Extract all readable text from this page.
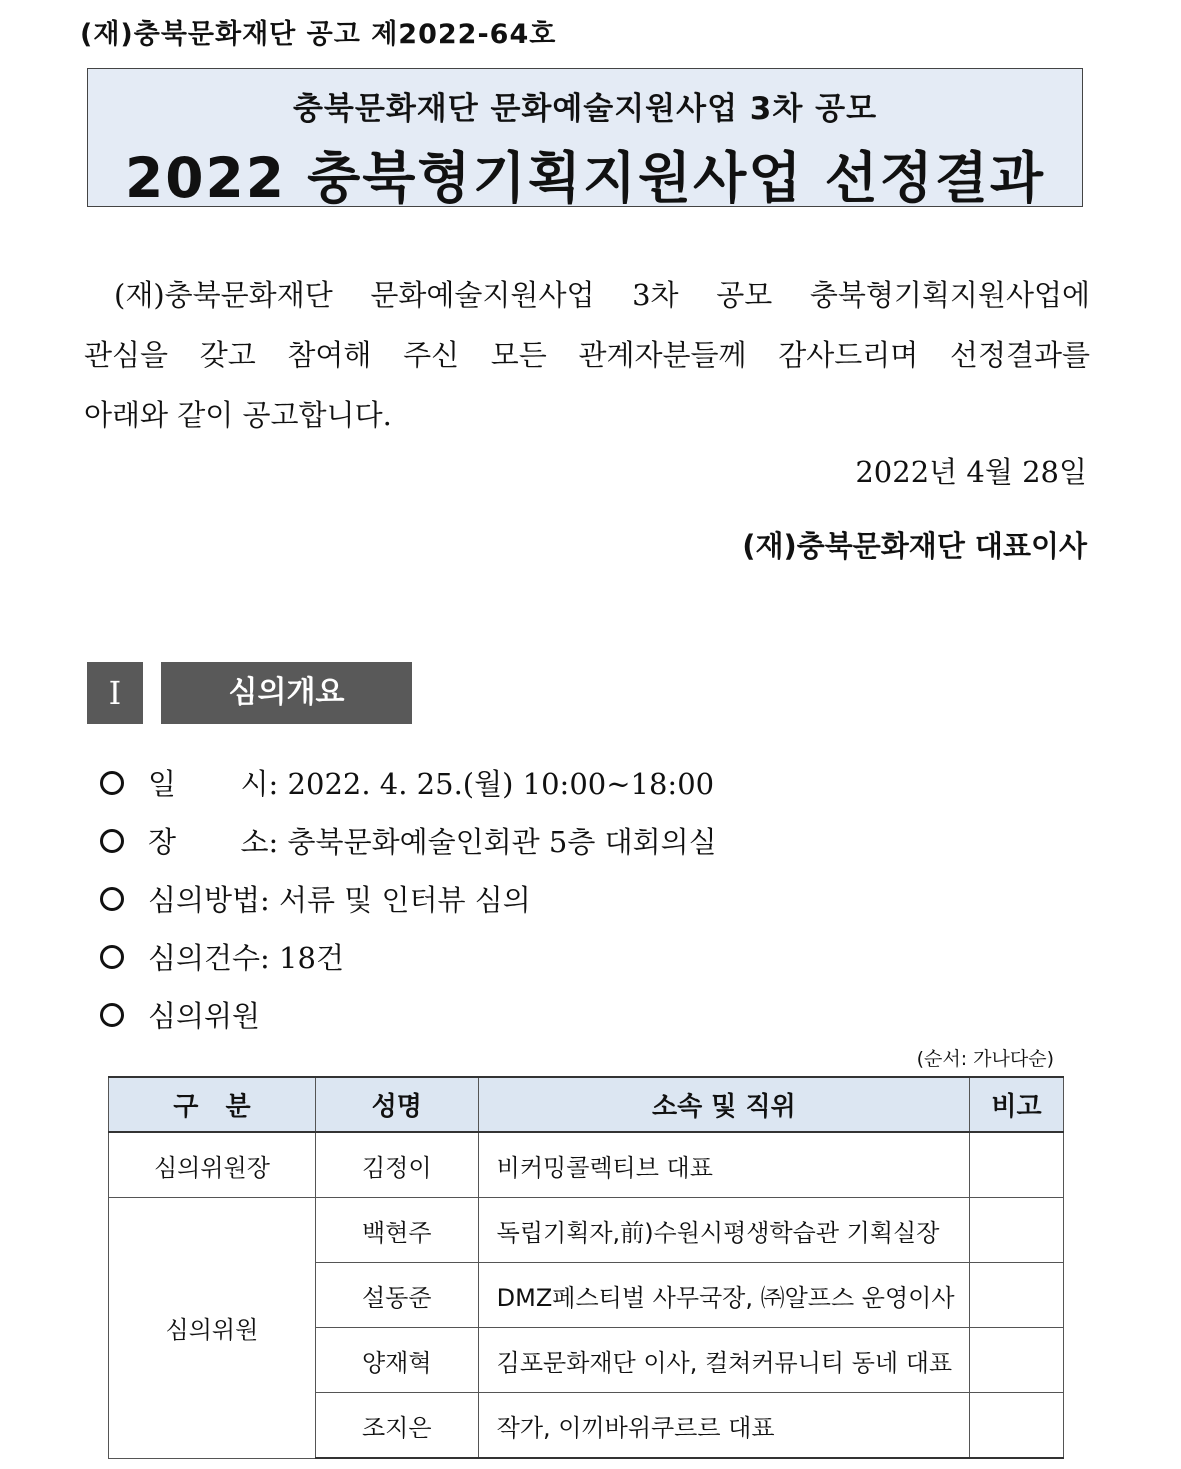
(재)충북문화재단 공고 제2022-64호
충북문화재단 문화예술지원사업 3차 공모
2022 충북형기획지원사업 선정결과
(재)충북문화재단 문화예술지원사업 3차 공모 충북형기획지원사업에
관심을 갖고 참여해 주신 모든 관계자분들께 감사드리며 선정결과를
아래와 같이 공고합니다.
2022년 4월 28일
(재)충북문화재단 대표이사
Ⅰ	심의개요
일       시: 2022. 4. 25.(월) 10:00~18:00
장       소: 충북문화예술인회관 5층 대회의실
심의방법: 서류 및 인터뷰 심의
심의건수: 18건
심의위원
(순서: 가나다순)
구   분	성명	소속 및 직위	비고
심의위원장	김정이	비커밍콜렉티브 대표	
심의위원	백현주	독립기획자,前)수원시평생학습관 기획실장	
	설동준	DMZ페스티벌 사무국장, ㈜알프스 운영이사	
	양재혁	김포문화재단 이사, 컬쳐커뮤니티 동네 대표	
	조지은	작가, 이끼바위쿠르르 대표	
